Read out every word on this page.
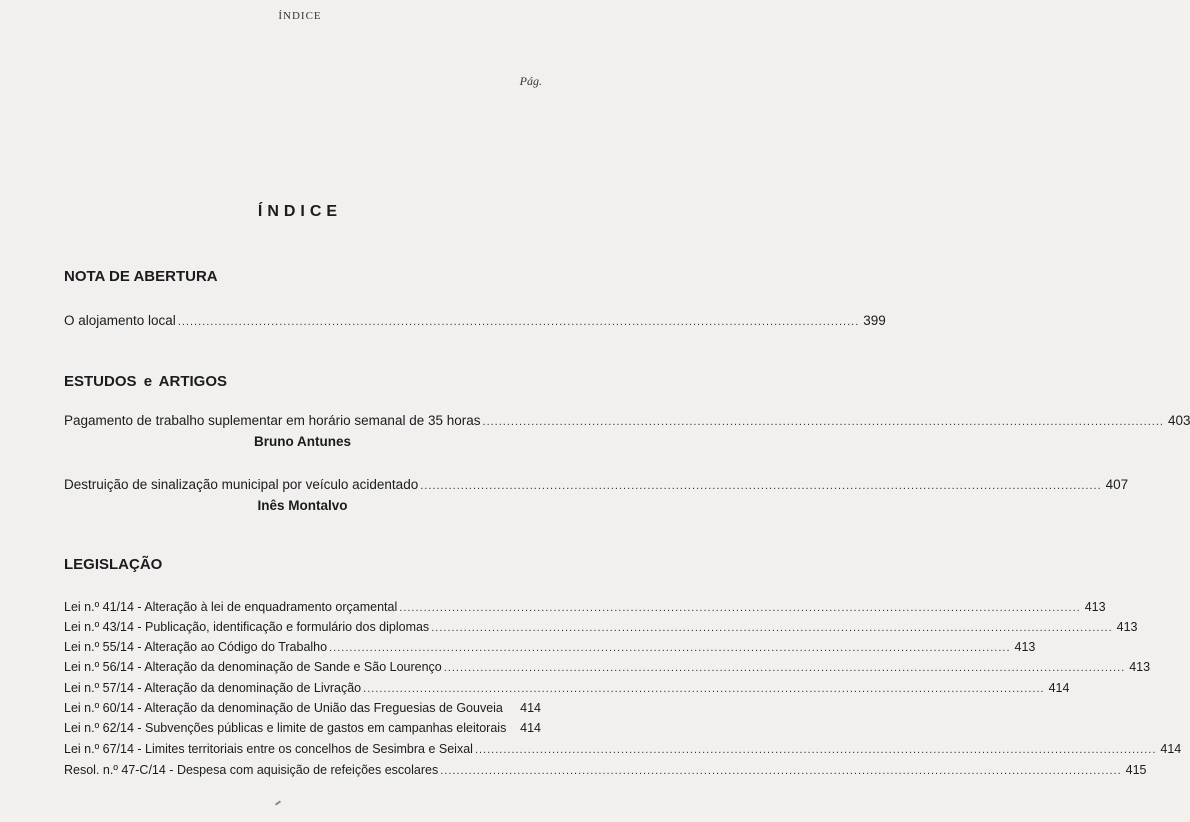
ÍNDICE
Pág.
ÍNDICE
NOTA DE ABERTURA
O alojamento local ........................................................................................................................................................................ 399
ESTUDOS e ARTIGOS
Pagamento de trabalho suplementar em horário semanal de 35 horas ........................................................................................................................................................................ 403
Bruno Antunes
Destruição de sinalização municipal por veículo acidentado ........................................................................................................................................................................ 407
Inês Montalvo
LEGISLAÇÃO
Lei n.º 41/14 - Alteração à lei de enquadramento orçamental ........................................................................................................................................................................ 413
Lei n.º 43/14 - Publicação, identificação e formulário dos diplomas ........................................................................................................................................................................ 413
Lei n.º 55/14 - Alteração ao Código do Trabalho ........................................................................................................................................................................ 413
Lei n.º 56/14 - Alteração da denominação de Sande e São Lourenço ........................................................................................................................................................................ 413
Lei n.º 57/14 - Alteração da denominação de Livração ........................................................................................................................................................................ 414
Lei n.º 60/14 - Alteração da denominação de União das Freguesias de Gouveia	414
Lei n.º 62/14 - Subvenções públicas e limite de gastos em campanhas eleitorais	414
Lei n.º 67/14 - Limites territoriais entre os concelhos de Sesimbra e Seixal ........................................................................................................................................................................ 414
Resol. n.º 47-C/14 - Despesa com aquisição de refeições escolares ........................................................................................................................................................................ 415
